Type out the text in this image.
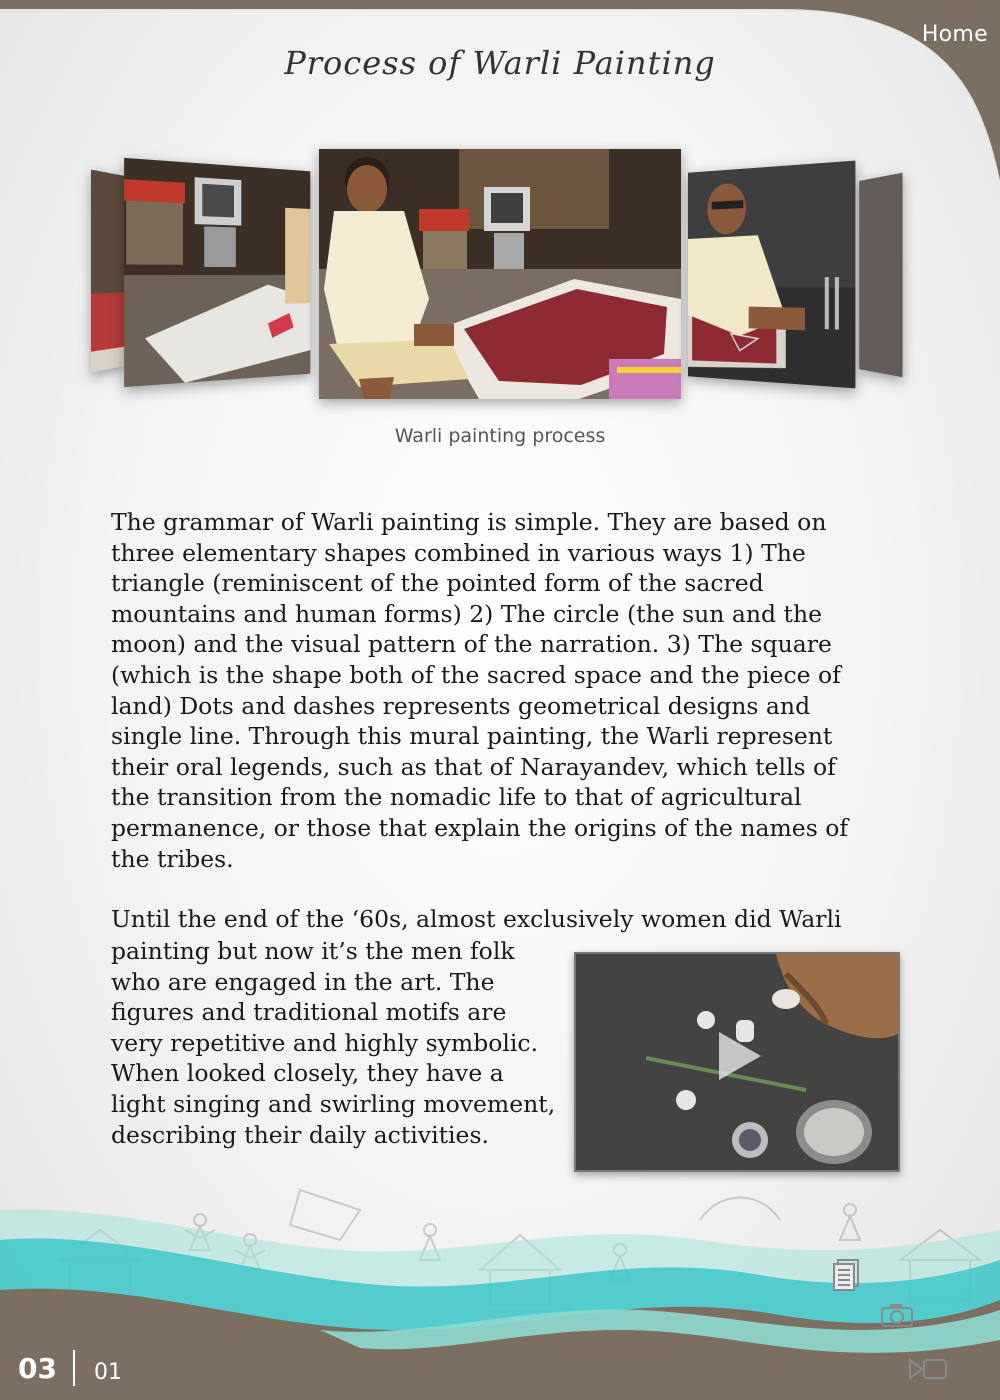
Home
Process of Warli Painting
Warli painting process

The grammar of Warli painting is simple. They are based on three elementary shapes combined in various ways 1) The triangle (reminiscent of the pointed form of the sacred mountains and human forms) 2) The circle (the sun and the moon) and the visual pattern of the narration. 3) The square (which is the shape both of the sacred space and the piece of land) Dots and dashes represents geometrical designs and single line. Through this mural painting, the Warli represent their oral legends, such as that of Narayandev, which tells of the transition from the nomadic life to that of agricultural permanence, or those that explain the origins of the names of the tribes.

Until the end of the ‘60s, almost exclusively women did Warli

painting but now it’s the men folk who are engaged in the art. The figures and traditional motifs are very repetitive and highly symbolic. When looked closely, they have a light singing and swirling movement, describing their daily activities.

03 01
